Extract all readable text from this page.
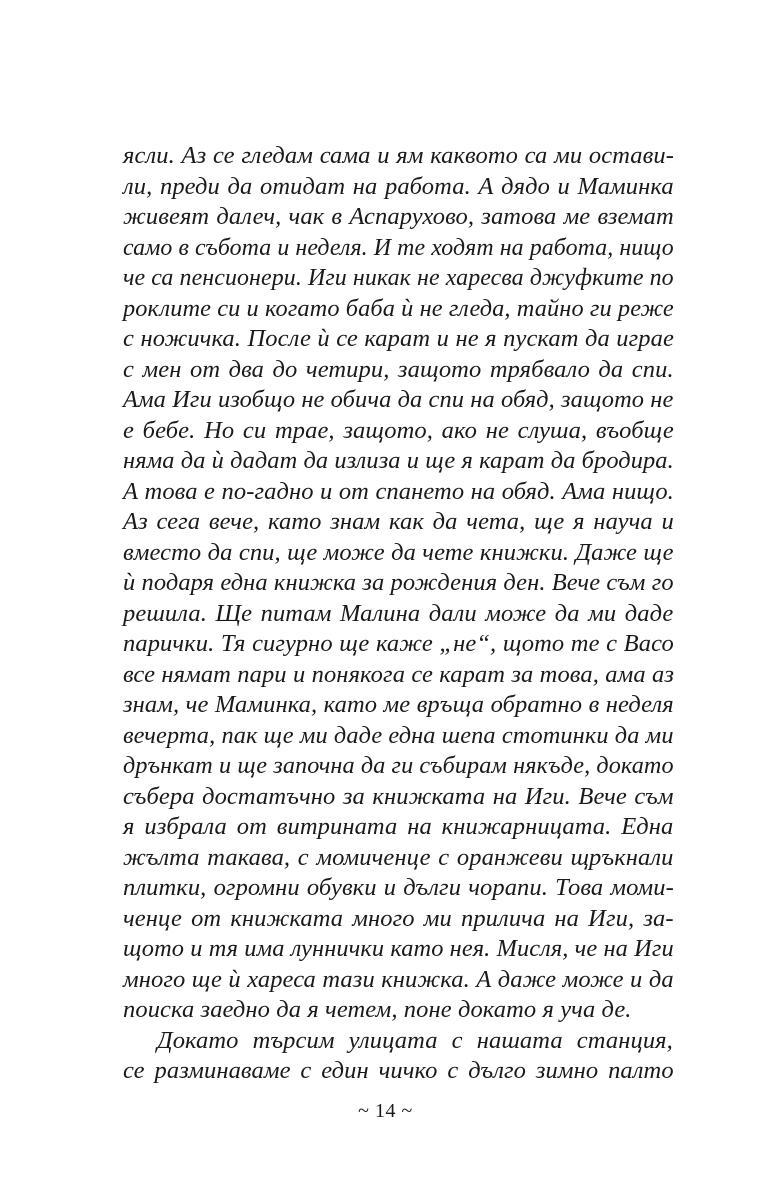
ясли. Аз се гледам сама и ям каквото са ми остави-
ли, преди да отидат на работа. А дядо и Маминка
живеят далеч, чак в Аспарухово, затова ме вземат
само в събота и неделя. И те ходят на работа, нищо
че са пенсионери. Иги никак не харесва джуфките по
роклите си и когато баба ѝ не гледа, тайно ги реже
с ножичка. После ѝ се карат и не я пускат да играе
с мен от два до четири, защото трябвало да спи.
Ама Иги изобщо не обича да спи на обяд, защото не
е бебе. Но си трае, защото, ако не слуша, въобще
няма да ѝ дадат да излиза и ще я карат да бродира.
А това е по-гадно и от спането на обяд. Ама нищо.
Аз сега вече, като знам как да чета, ще я науча и
вместо да спи, ще може да чете книжки. Даже ще
ѝ подаря една книжка за рождения ден. Вече съм го
решила. Ще питам Малина дали може да ми даде
парички. Тя сигурно ще каже „не“, щото те с Васо
все нямат пари и понякога се карат за това, ама аз
знам, че Маминка, като ме връща обратно в неделя
вечерта, пак ще ми даде една шепа стотинки да ми
дрънкат и ще започна да ги събирам някъде, докато
събера достатъчно за книжката на Иги. Вече съм
я избрала от витрината на книжарницата. Една
жълта такава, с момиченце с оранжеви щръкнали
плитки, огромни обувки и дълги чорапи. Това моми-
ченце от книжката много ми прилича на Иги, за-
щото и тя има луннички като нея. Мисля, че на Иги
много ще ѝ хареса тази книжка. А даже може и да
поиска заедно да я четем, поне докато я уча де.
Докато търсим улицата с нашата станция,
се разминаваме с един чичко с дълго зимно палто
~ 14 ~
